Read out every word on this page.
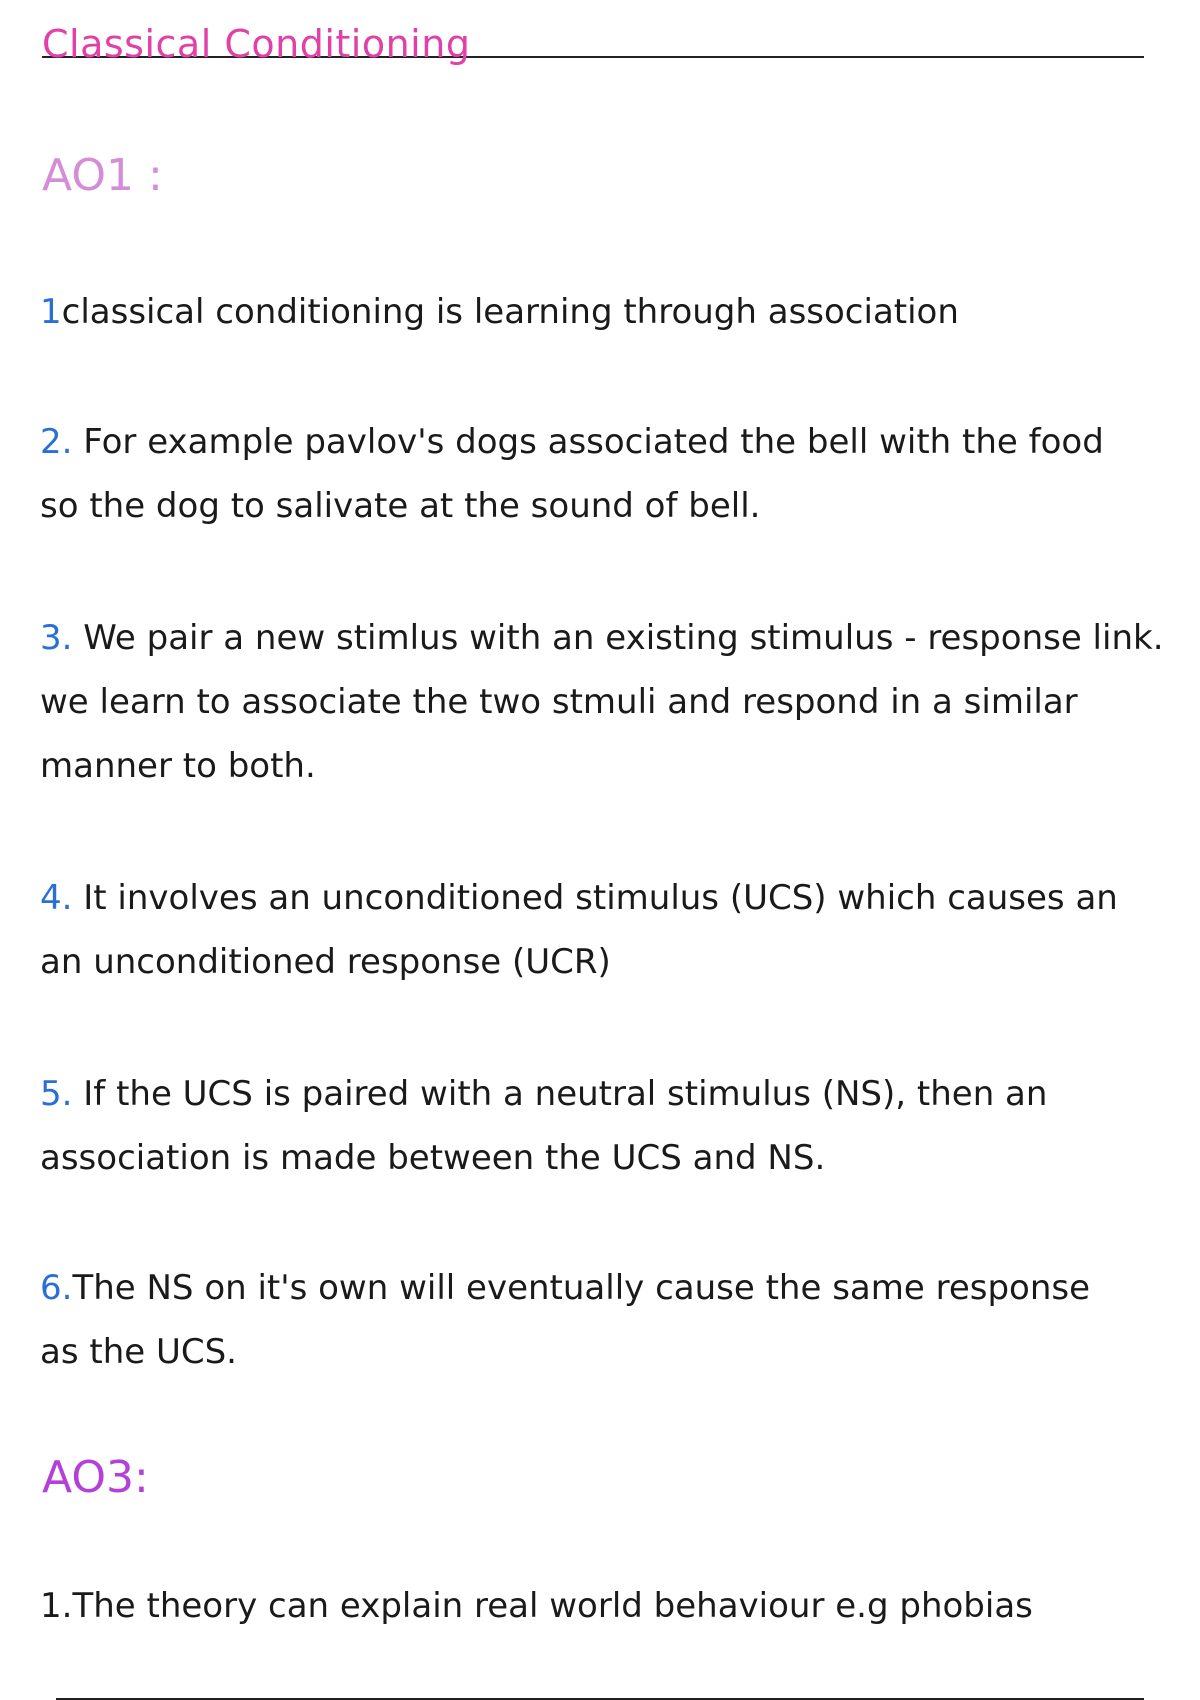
Classical Conditioning
AO1 :
1classical conditioning is learning through association
2. For example pavlov's dogs associated the bell with the food
so the dog to salivate at the sound of bell.
3. We pair a new stimlus with an existing stimulus - response link.
we learn to associate the two stmuli and respond in a similar
manner to both.
4. It involves an unconditioned stimulus (UCS) which causes an
an unconditioned response (UCR)
5. If the UCS is paired with a neutral stimulus (NS), then an
association is made between the UCS and NS.
6.The NS on it's own will eventually cause the same response
as the UCS.
AO3:
1.The theory can explain real world behaviour e.g phobias
